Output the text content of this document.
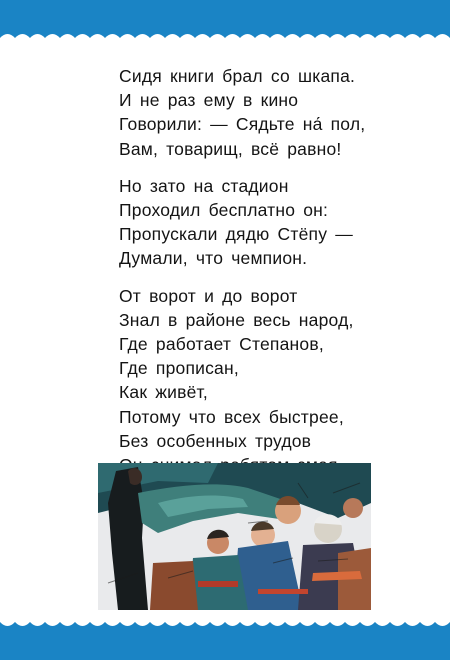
Сидя книги брал со шкапа.
И не раз ему в кино
Говорили: — Сядьте на́ пол,
Вам, товарищ, всё равно!
Но зато на стадион
Проходил бесплатно он:
Пропускали дядю Стёпу —
Думали, что чемпион.
От ворот и до ворот
Знал в районе весь народ,
Где работает Степанов,
Где прописан,
Как живёт,
Потому что всех быстрее,
Без особенных трудов
